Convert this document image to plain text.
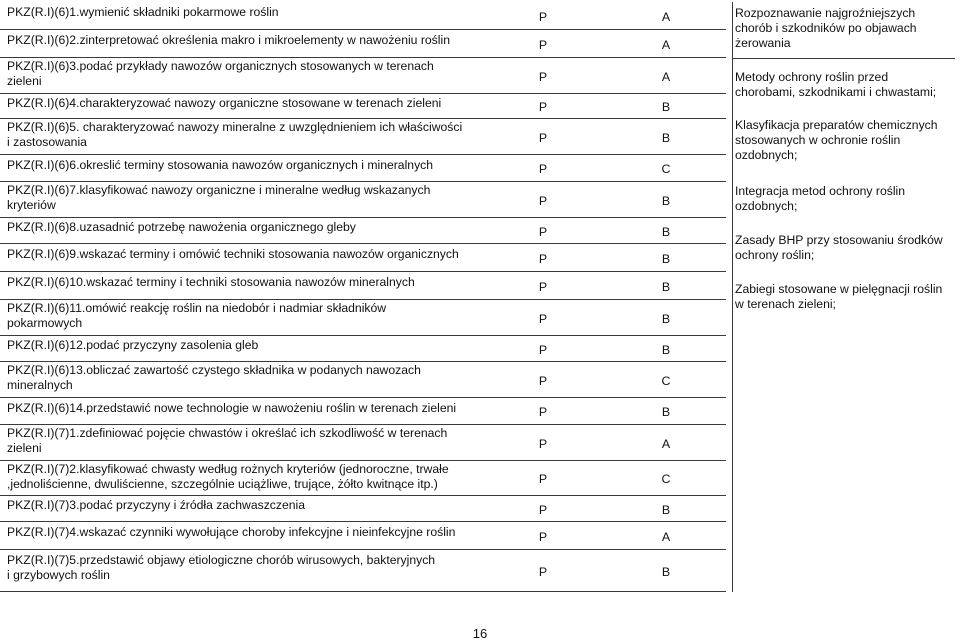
PKZ(R.I)(6)1.wymienić składniki pokarmowe roślin	P	A
PKZ(R.I)(6)2.zinterpretować określenia makro i mikroelementy w nawożeniu roślin	P	A
PKZ(R.I)(6)3.podać przykłady nawozów organicznych stosowanych w terenach
zieleni	P	A
PKZ(R.I)(6)4.charakteryzować nawozy organiczne stosowane w terenach zieleni	P	B
PKZ(R.I)(6)5. charakteryzować nawozy mineralne z uwzględnieniem ich właściwości
i zastosowania	P	B
PKZ(R.I)(6)6.okreslić terminy stosowania nawozów organicznych i mineralnych	P	C
PKZ(R.I)(6)7.klasyfikować nawozy organiczne i mineralne według wskazanych
kryteriów	P	B
PKZ(R.I)(6)8.uzasadnić potrzebę nawożenia organicznego gleby	P	B
PKZ(R.I)(6)9.wskazać terminy i omówić techniki stosowania nawozów organicznych	P	B
PKZ(R.I)(6)10.wskazać terminy i techniki stosowania nawozów mineralnych	P	B
PKZ(R.I)(6)11.omówić reakcję roślin na niedobór i nadmiar składników
pokarmowych	P	B
PKZ(R.I)(6)12.podać przyczyny zasolenia gleb	P	B
PKZ(R.I)(6)13.obliczać zawartość czystego składnika w podanych nawozach
mineralnych	P	C
PKZ(R.I)(6)14.przedstawić nowe technologie w nawożeniu roślin w terenach zieleni	P	B
PKZ(R.I)(7)1.zdefiniować pojęcie chwastów i określać ich szkodliwość w terenach
zieleni	P	A
PKZ(R.I)(7)2.klasyfikować chwasty według rożnych kryteriów (jednoroczne, trwałe
,jednoliścienne, dwuliścienne, szczególnie uciążliwe, trujące, żółto kwitnące itp.)	P	C
PKZ(R.I)(7)3.podać przyczyny i źródła zachwaszczenia	P	B
PKZ(R.I)(7)4.wskazać czynniki wywołujące choroby infekcyjne i nieinfekcyjne roślin	P	A
PKZ(R.I)(7)5.przedstawić objawy etiologiczne chorób wirusowych, bakteryjnych
i grzybowych roślin	P	B
Rozpoznawanie najgroźniejszych
chorób i szkodników po objawach
żerowania
Metody ochrony roślin przed
chorobami, szkodnikami i chwastami;
Klasyfikacja preparatów chemicznych
stosowanych w ochronie roślin
ozdobnych;
Integracja metod ochrony roślin
ozdobnych;
Zasady BHP przy stosowaniu środków
ochrony roślin;
Zabiegi stosowane w pielęgnacji roślin
w terenach zieleni;
16
